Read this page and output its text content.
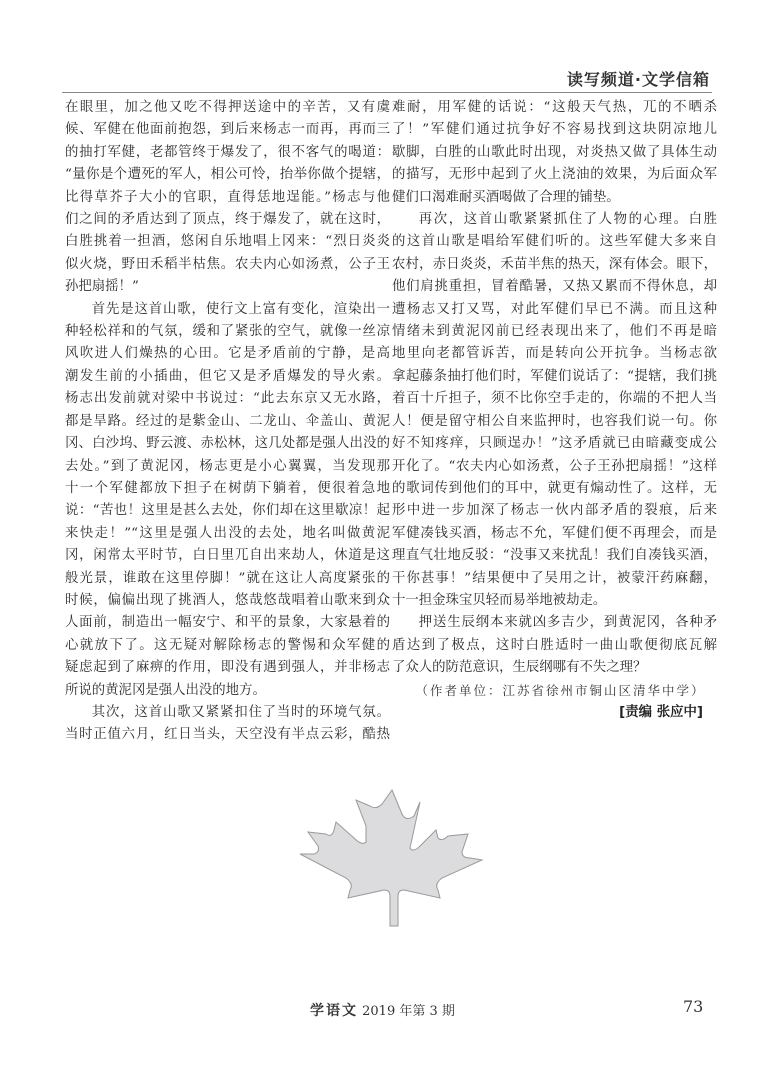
读写频道·文学信箱

在眼里，加之他又吃不得押送途中的辛苦，又有虞
候、军健在他面前抱怨，到后来杨志一而再，再而三
的抽打军健，老都管终于爆发了，很不客气的喝道：
“量你是个遭死的军人，相公可怜，抬举你做个提辖，
比得草芥子大小的官职，直得恁地逞能。”杨志与他
们之间的矛盾达到了顶点，终于爆发了，就在这时，
白胜挑着一担酒，悠闲自乐地唱上冈来：“烈日炎炎
似火烧，野田禾稻半枯焦。农夫内心如汤煮，公子王
孙把扇摇！”

首先是这首山歌，使行文上富有变化，渲染出一
种轻松祥和的气氛，缓和了紧张的空气，就像一丝凉
风吹进人们燥热的心田。它是矛盾前的宁静，是高
潮发生前的小插曲，但它又是矛盾爆发的导火索。
杨志出发前就对梁中书说过：“此去东京又无水路，
都是旱路。经过的是紫金山、二龙山、伞盖山、黄泥
冈、白沙坞、野云渡、赤松林，这几处都是强人出没的
去处。”到了黄泥冈，杨志更是小心翼翼，当发现那
十一个军健都放下担子在树荫下躺着，便很着急地
说：“苦也！这里是甚么去处，你们却在这里歇凉！起
来快走！”“这里是强人出没的去处，地名叫做黄泥
冈，闲常太平时节，白日里兀自出来劫人，休道是这
般光景，谁敢在这里停脚！”就在这让人高度紧张的
时候，偏偏出现了挑酒人，悠哉悠哉唱着山歌来到众
人面前，制造出一幅安宁、和平的景象，大家悬着的
心就放下了。这无疑对解除杨志的警惕和众军健的
疑虑起到了麻痹的作用，即没有遇到强人，并非杨志
所说的黄泥冈是强人出没的地方。

其次，这首山歌又紧紧扣住了当时的环境气氛。
当时正值六月，红日当头，天空没有半点云彩，酷热

难耐，用军健的话说：“这般天气热，兀的不晒杀
了！”军健们通过抗争好不容易找到这块阴凉地儿
歇脚，白胜的山歌此时出现，对炎热又做了具体生动
的描写，无形中起到了火上浇油的效果，为后面众军
健们口渴难耐买酒喝做了合理的铺垫。

再次，这首山歌紧紧抓住了人物的心理。白胜
的这首山歌是唱给军健们听的。这些军健大多来自
农村，赤日炎炎，禾苗半焦的热天，深有体会。眼下，
他们肩挑重担，冒着酷暑，又热又累而不得休息，却
遭杨志又打又骂，对此军健们早已不满。而且这种
情绪未到黄泥冈前已经表现出来了，他们不再是暗
地里向老都管诉苦，而是转向公开抗争。当杨志欲
拿起藤条抽打他们时，军健们说话了：“提辖，我们挑
着百十斤担子，须不比你空手走的，你端的不把人当
人！便是留守相公自来监押时，也容我们说一句。你
好不知疼痒，只顾逞办！”这矛盾就已由暗藏变成公
开化了。“农夫内心如汤煮，公子王孙把扇摇！”这样
的歌词传到他们的耳中，就更有煽动性了。这样，无
形中进一步加深了杨志一伙内部矛盾的裂痕，后来
军健凑钱买酒，杨志不允，军健们便不再理会，而是
理直气壮地反驳：“没事又来扰乱！我们自凑钱买酒，
干你甚事！”结果便中了吴用之计，被蒙汗药麻翻，
十一担金珠宝贝轻而易举地被劫走。

押送生辰纲本来就凶多吉少，到黄泥冈，各种矛
盾达到了极点，这时白胜适时一曲山歌便彻底瓦解
了众人的防范意识，生辰纲哪有不失之理？

（作者单位：江苏省徐州市铜山区清华中学）
[责编 张应中]
学语文 2019 年第 3 期	73
